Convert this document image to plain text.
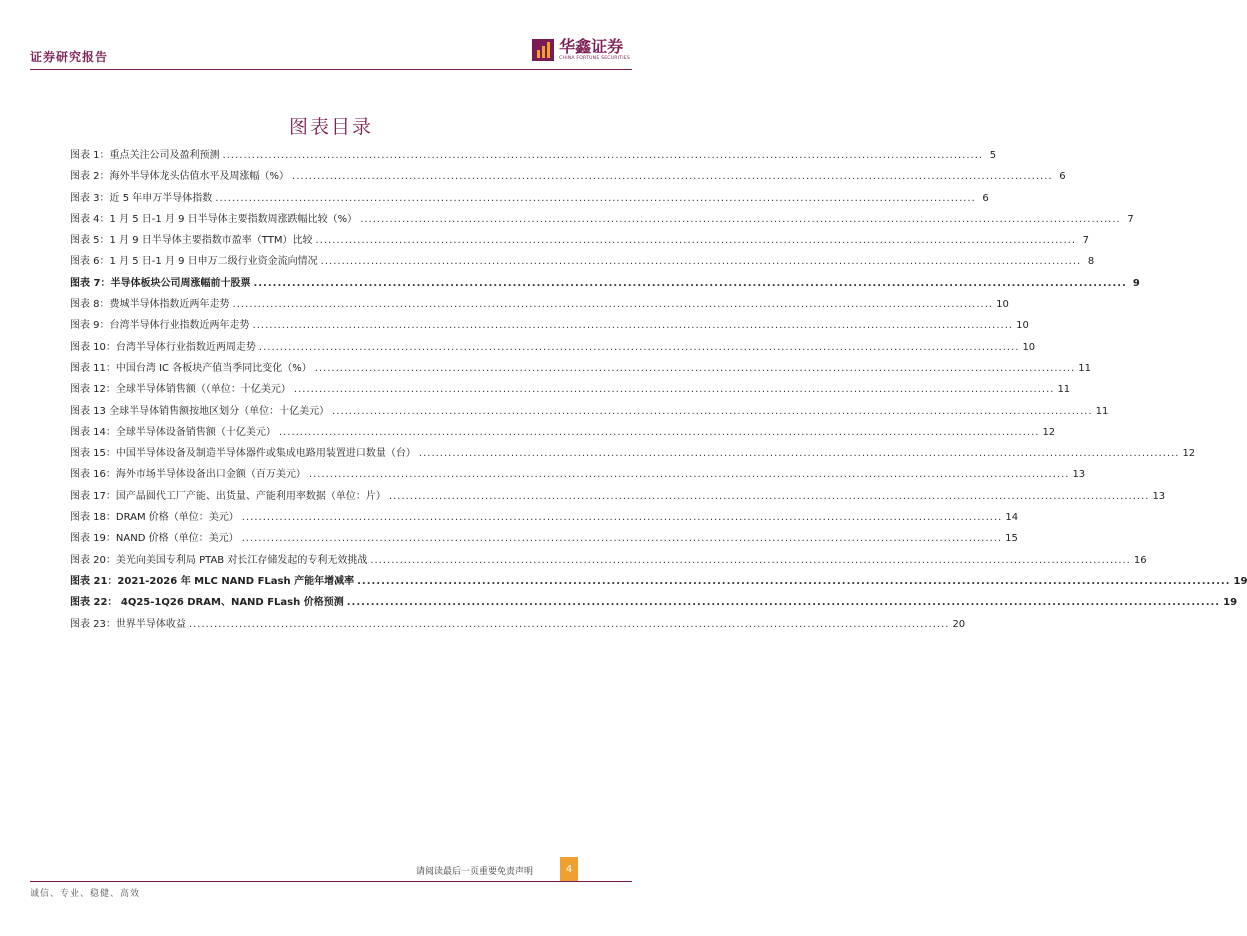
证券研究报告
华鑫证券
CHINA FORTUNE SECURITIES
图表目录
图表 1：重点关注公司及盈利预测 .....	5
图表 2：海外半导体龙头估值水平及周涨幅（%） .....	6
图表 3：近 5 年申万半导体指数 .....	6
图表 4：1 月 5 日-1 月 9 日半导体主要指数周涨跌幅比较（%） .....	7
图表 5：1 月 9 日半导体主要指数市盈率（TTM）比较 .....	7
图表 6：1 月 5 日-1 月 9 日申万二级行业资金流向情况 .....	8
图表 7：半导体板块公司周涨幅前十股票 .....	9
图表 8：费城半导体指数近两年走势 .....	10
图表 9：台湾半导体行业指数近两年走势 .....	10
图表 10：台湾半导体行业指数近两周走势 .....	10
图表 11：中国台湾 IC 各板块产值当季同比变化（%） .....	11
图表 12：全球半导体销售额（（单位：十亿美元） .....	11
图表 13 全球半导体销售额按地区划分（单位：十亿美元） .....	11
图表 14：全球半导体设备销售额（十亿美元） .....	12
图表 15：中国半导体设备及制造半导体器件或集成电路用装置进口数量（台） .....	12
图表 16：海外市场半导体设备出口金额（百万美元） .....	13
图表 17：国产晶圆代工厂产能、出货量、产能利用率数据（单位：片） .....	13
图表 18：DRAM 价格（单位：美元） .....	14
图表 19：NAND 价格（单位：美元） .....	15
图表 20：美光向美国专利局 PTAB 对长江存储发起的专利无效挑战 .....	16
图表 21：2021-2026 年 MLC NAND FLash 产能年增减率 .....	19
图表 22： 4Q25-1Q26 DRAM、NAND FLash 价格预测 .....	19
图表 23：世界半导体收益 .....	20
请阅读最后一页重要免责声明	4
诚信、专业、稳健、高效
